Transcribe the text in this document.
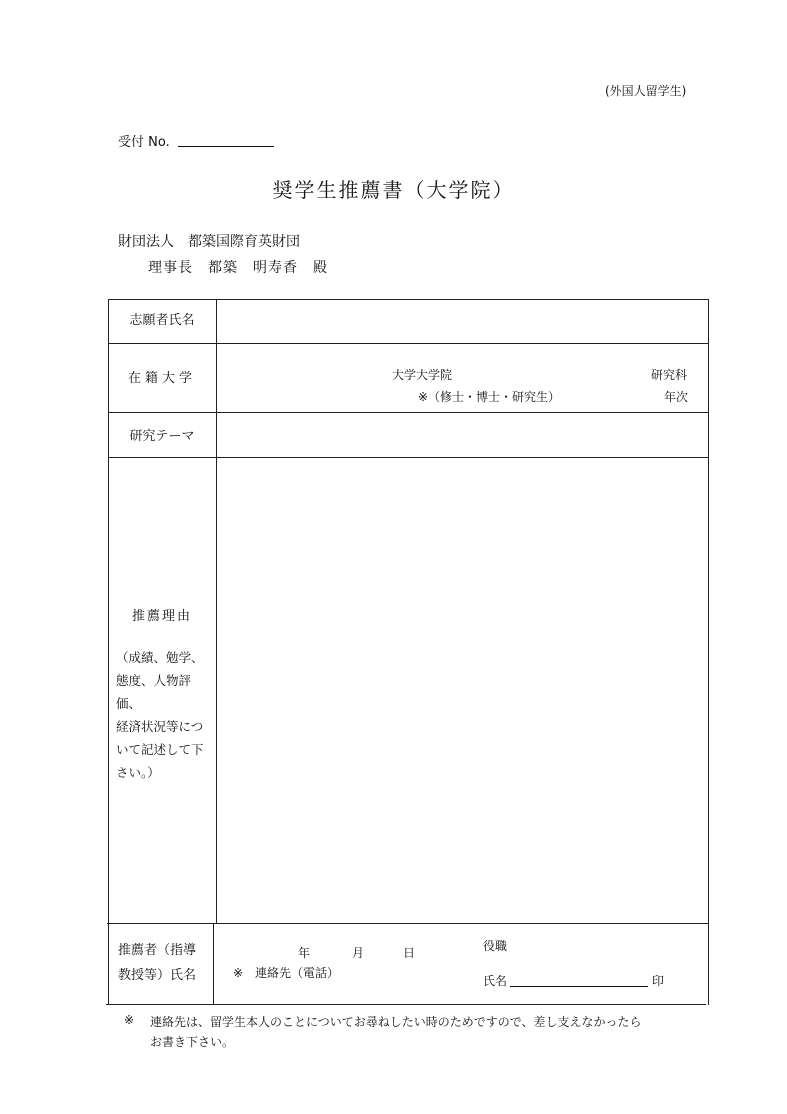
(外国人留学生)
受付 No.
奨学生推薦書（大学院）
財団法人　都築国際育英財団
理事長　都築　明寿香　殿
志願者氏名
在籍大学	大学大学院	研究科
※（修士・博士・研究生）	年次
研究テーマ
推薦理由
（成績、勉学、
態度、人物評価、
経済状況等につ
いて記述して下
さい。）
推薦者（指導
教授等）氏名
年	月	日	役職
※　連絡先（電話）
氏名	印
※ 連絡先は、留学生本人のことについてお尋ねしたい時のためですので、差し支えなかったら
お書き下さい。
